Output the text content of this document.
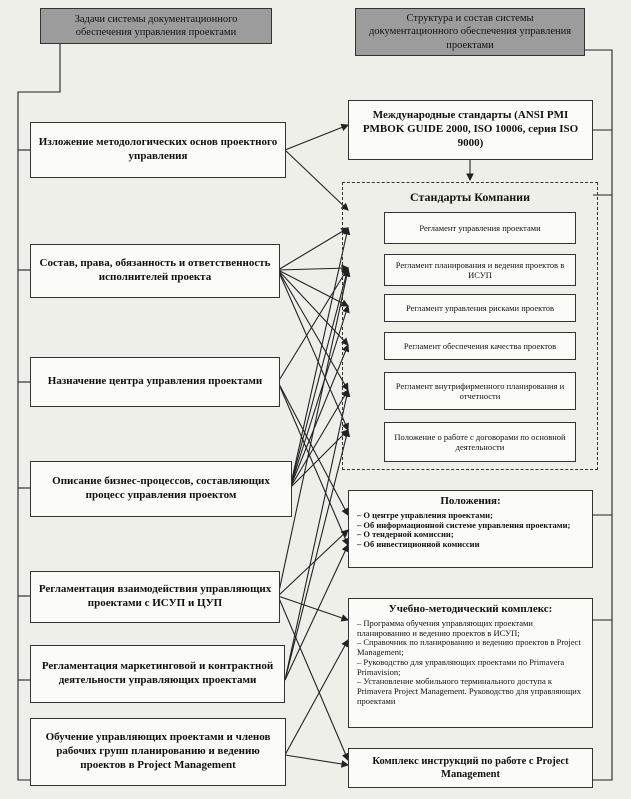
Задачи системы документационного обеспечения управления проектами
Структура и состав системы документационного обеспечения управления проектами
Изложение методологических основ проектного управления
Состав, права, обязанность и ответственность исполнителей проекта
Назначение центра управления проектами
Описание бизнес-процессов, составляющих процесс управления проектом
Регламентация взаимодействия управляющих проектами с ИСУП и ЦУП
Регламентация маркетинговой и контрактной деятельности управляющих проектами
Обучение управляющих проектами и членов рабочих групп планированию и ведению проектов в Project Management
Международные стандарты (ANSI PMI PMBOK GUIDE 2000, ISO 10006, серия ISO 9000)
Стандарты Компании
Регламент управления проектами
Регламент планирования и ведения проектов в ИСУП
Регламент управления рисками проектов
Регламент обеспечения качества проектов
Регламент внутрифирменного планирования и отчетности
Положение о работе с договорами по основной деятельности
Положения:
– О центре управления проектами;
– Об информационной системе управления проектами;
– О тендерной комиссии;
– Об инвестиционной комиссии
Учебно-методический комплекс:
– Программа обучения управляющих проектами планированию и ведению проектов в ИСУП;
– Справочник по планированию и ведению проектов в Project Management;
– Руководство для управляющих проектами по Primavera Primavision;
– Установление мобильного терминального доступа к Primavera Project Management. Руководство для управляющих проектами
Комплекс инструкций по работе с Project Management
